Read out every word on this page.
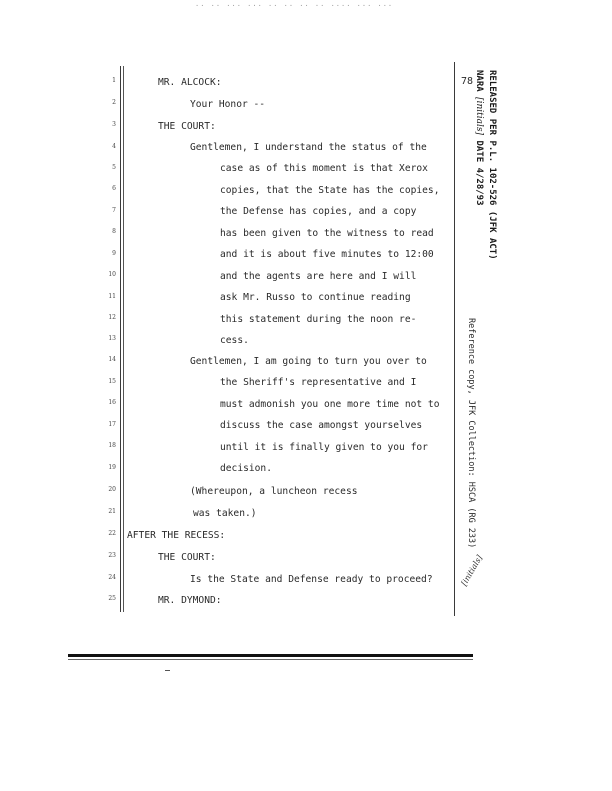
·· ·· ··· ··· ·· ·· ·· ·· ···· ··· ···
78 RELEASED PER P.L. 102-526 (JFK ACT)
NARA [initials] DATE 4/28/93
Reference copy, JFK Collection: HSCA (RG 233)
[initials]
1
2
3
4
5
6
7
8
9
10
11
12
13
14
15
16
17
18
19
20
21
22
23
24
25
MR. ALCOCK:
Your Honor --
THE COURT:
Gentlemen, I understand the status of the
case as of this moment is that Xerox
copies, that the State has the copies,
the Defense has copies, and a copy
has been given to the witness to read
and it is about five minutes to 12:00
and the agents are here and I will
ask Mr. Russo to continue reading
this statement during the noon re-
cess.
Gentlemen, I am going to turn you over to
the Sheriff's representative and I
must admonish you one more time not to
discuss the case amongst yourselves
until it is finally given to you for
decision.
(Whereupon, a luncheon recess
was taken.)
AFTER THE RECESS:
THE COURT:
Is the State and Defense ready to proceed?
MR. DYMOND:
